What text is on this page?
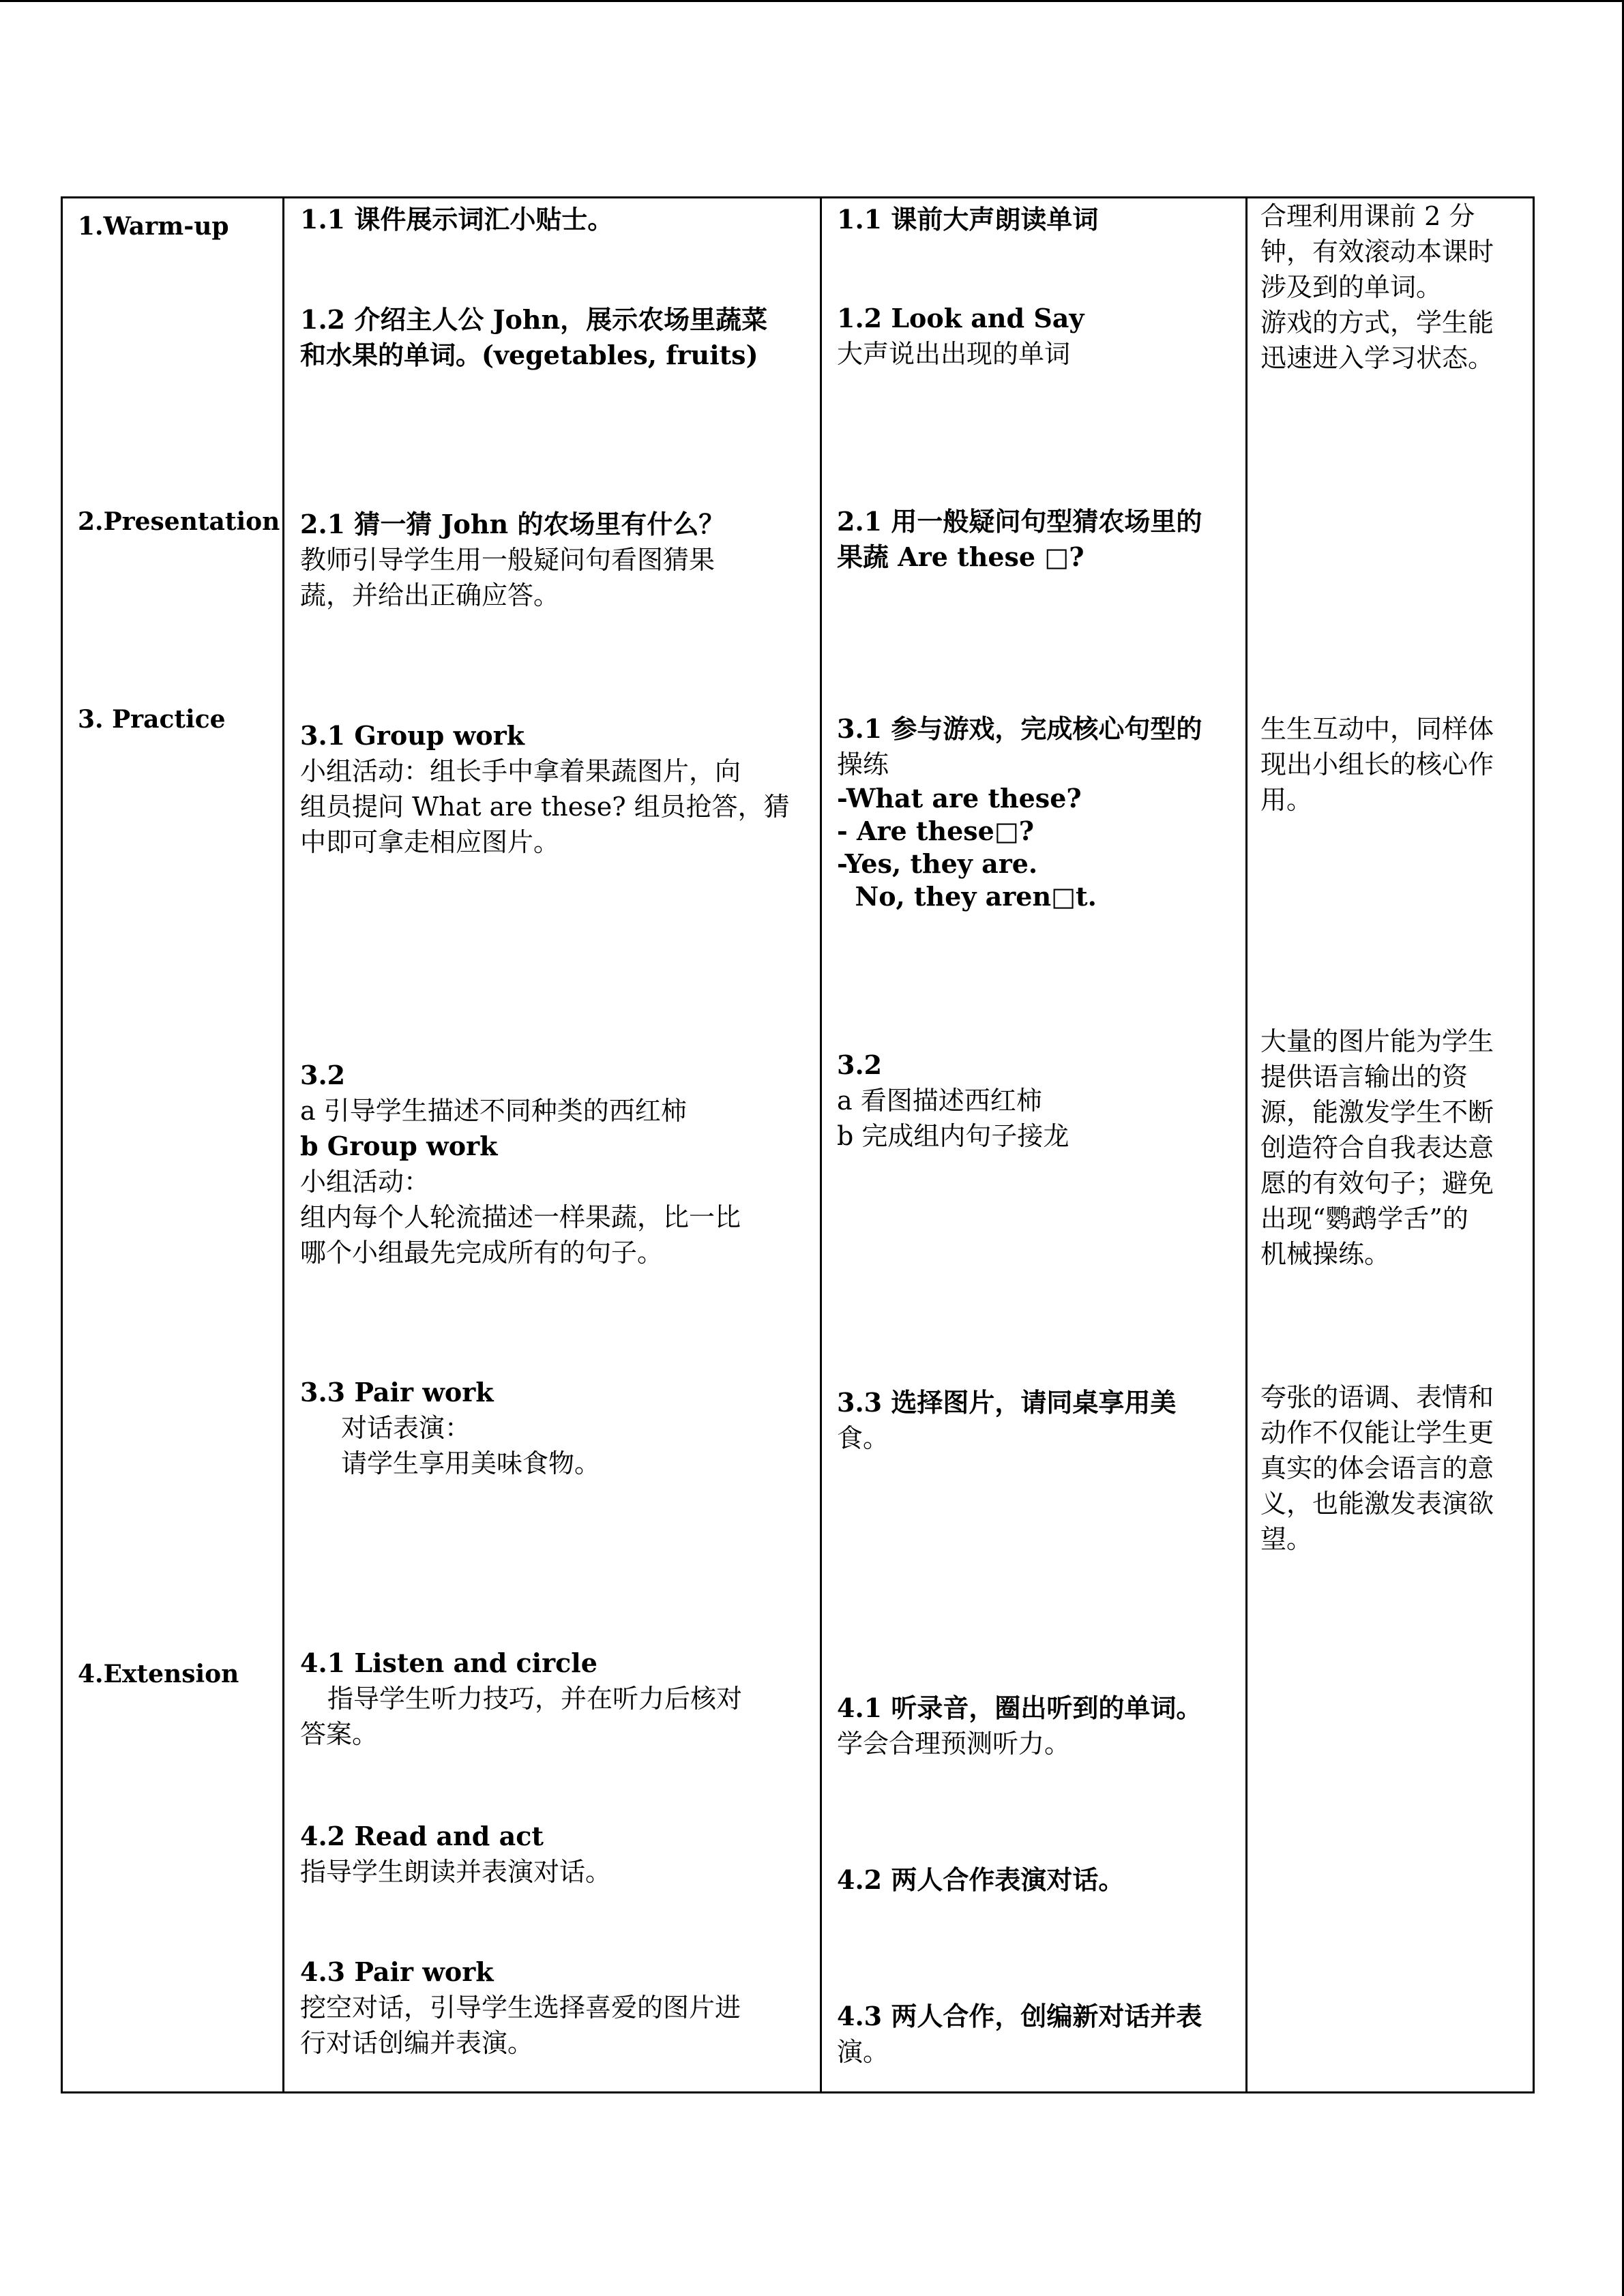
1.Warm-up
2.Presentation
3. Practice
4.Extension
1.1 课件展示词汇小贴士。
1.2 介绍主人公 John，展示农场里蔬菜
和水果的单词。(vegetables, fruits)
2.1 猜一猜 John 的农场里有什么？
教师引导学生用一般疑问句看图猜果
蔬，并给出正确应答。
3.1 Group work
小组活动：组长手中拿着果蔬图片，向
组员提问 What are these? 组员抢答，猜
中即可拿走相应图片。
3.2
a 引导学生描述不同种类的西红柿
b Group work
小组活动：
组内每个人轮流描述一样果蔬，比一比
哪个小组最先完成所有的句子。
3.3 Pair work
对话表演：
请学生享用美味食物。
4.1 Listen and circle
指导学生听力技巧，并在听力后核对
答案。
4.2 Read and act
指导学生朗读并表演对话。
4.3 Pair work
挖空对话，引导学生选择喜爱的图片进
行对话创编并表演。
1.1 课前大声朗读单词
1.2 Look and Say
大声说出出现的单词
2.1 用一般疑问句型猜农场里的
果蔬 Are these □?
3.1 参与游戏，完成核心句型的
操练
-What are these?
- Are these□?
-Yes, they are.
No, they aren□t.
3.2
a 看图描述西红柿
b 完成组内句子接龙
3.3 选择图片，请同桌享用美
食。
4.1 听录音，圈出听到的单词。
学会合理预测听力。
4.2 两人合作表演对话。
4.3 两人合作，创编新对话并表
演。
合理利用课前 2 分
钟，有效滚动本课时
涉及到的单词。
游戏的方式，学生能
迅速进入学习状态。
生生互动中，同样体
现出小组长的核心作
用。
大量的图片能为学生
提供语言输出的资
源，能激发学生不断
创造符合自我表达意
愿的有效句子；避免
出现“鹦鹉学舌”的
机械操练。
夸张的语调、表情和
动作不仅能让学生更
真实的体会语言的意
义，也能激发表演欲
望。
